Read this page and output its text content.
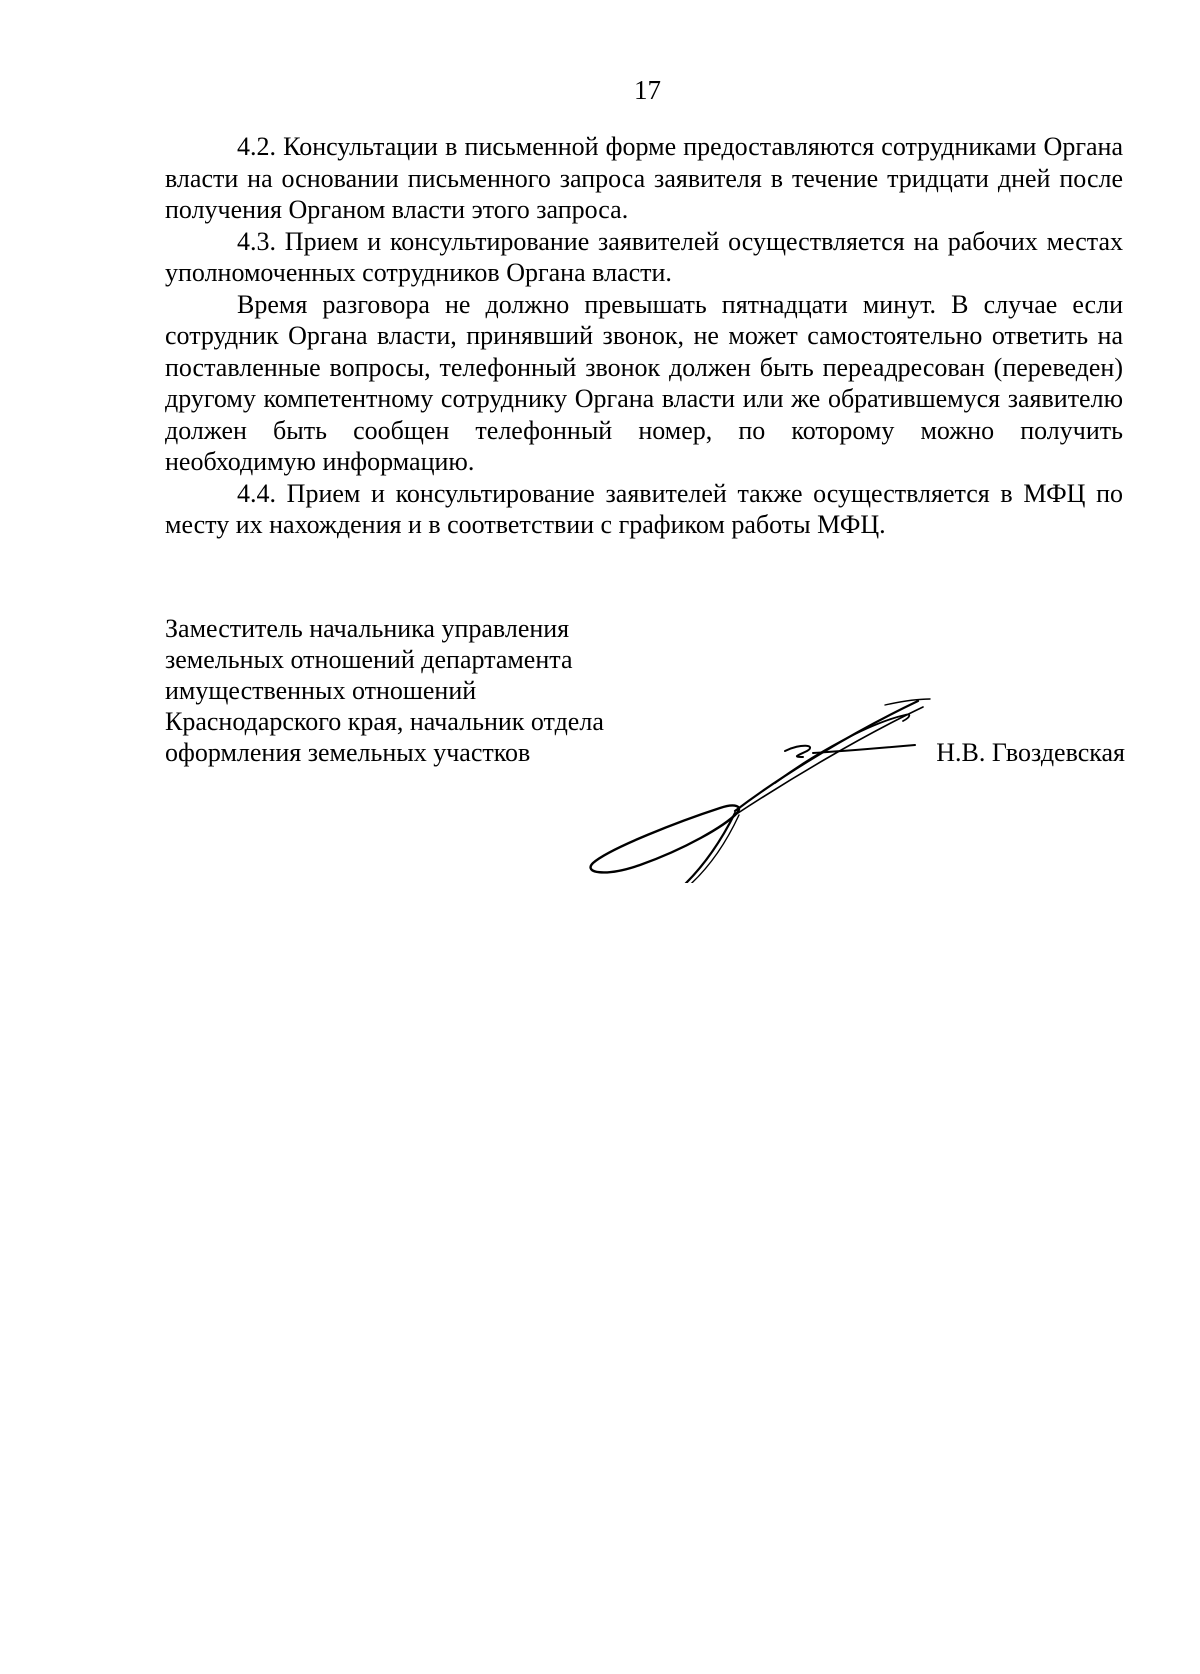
17

4.2. Консультации в письменной форме предоставляются сотрудниками Органа власти на основании письменного запроса заявителя в течение тридцати дней после получения Органом власти этого запроса.

4.3. Прием и консультирование заявителей осуществляется на рабочих местах уполномоченных сотрудников Органа власти.

Время разговора не должно превышать пятнадцати минут. В случае если сотрудник Органа власти, принявший звонок, не может самостоятельно ответить на поставленные вопросы, телефонный звонок должен быть переадресован (переведен) другому компетентному сотруднику Органа власти или же обратившемуся заявителю должен быть сообщен телефонный номер, по которому можно получить необходимую информацию.

4.4. Прием и консультирование заявителей также осуществляется в МФЦ по месту их нахождения и в соответствии с графиком работы МФЦ.

Заместитель начальника управления
земельных отношений департамента
имущественных отношений
Краснодарского края, начальник отдела
оформления земельных участков	Н.В. Гвоздевская
